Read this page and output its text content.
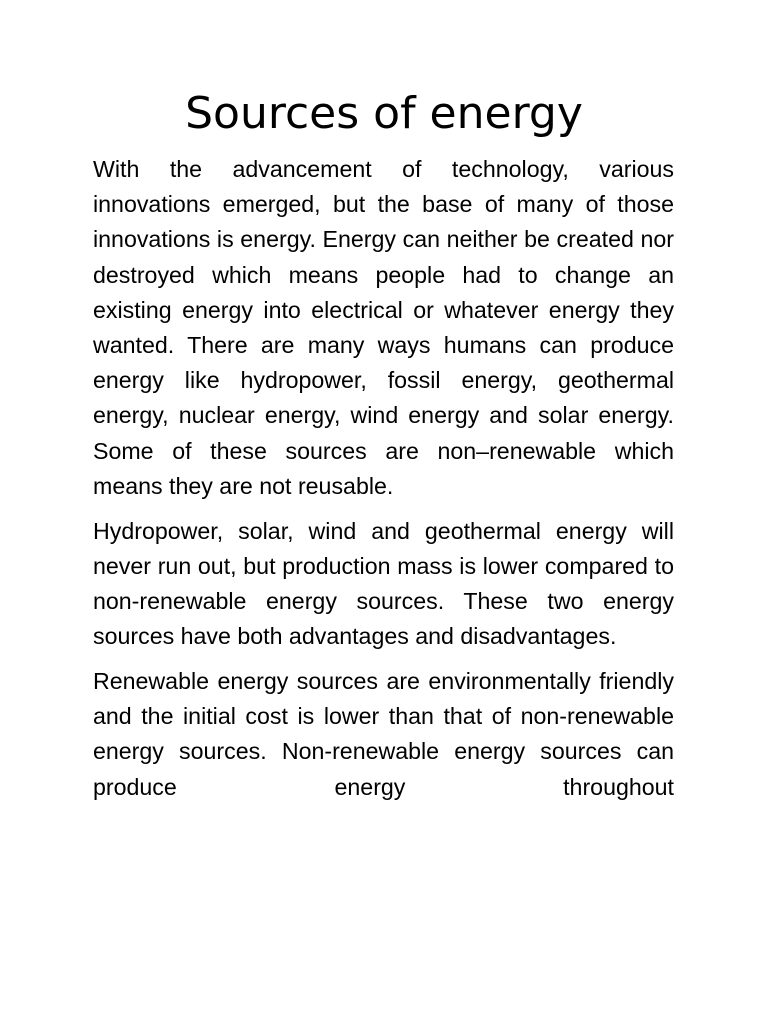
Sources of energy

With the advancement of technology, various innovations emerged, but the base of many of those innovations is energy. Energy can neither be created nor destroyed which means people had to change an existing energy into electrical or whatever energy they wanted. There are many ways humans can produce energy like hydropower, fossil energy, geothermal energy, nuclear energy, wind energy and solar energy. Some of these sources are non–renewable which means they are not reusable.

Hydropower, solar, wind and geothermal energy will never run out, but production mass is lower compared to non-renewable energy sources. These two energy sources have both advantages and disadvantages.

Renewable energy sources are environmentally friendly and the initial cost is lower than that of non-renewable energy sources. Non-renewable energy sources can produce energy throughout
